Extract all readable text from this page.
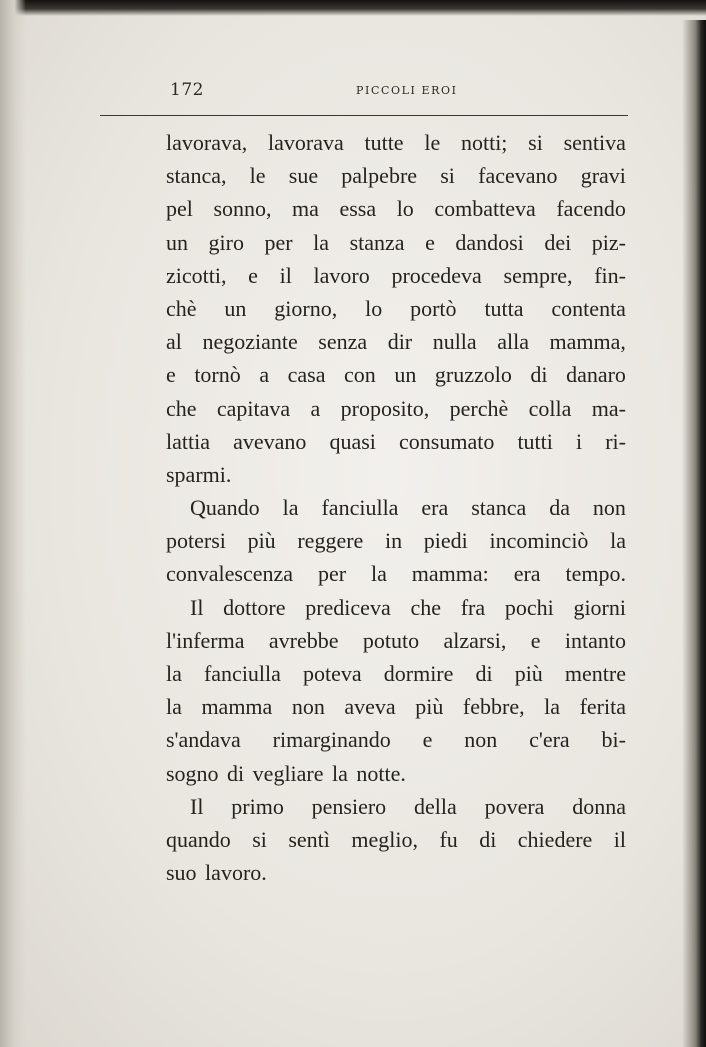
172	PICCOLI EROI
lavorava, lavorava tutte le notti; si sentiva
stanca, le sue palpebre si facevano gravi
pel sonno, ma essa lo combatteva facendo
un giro per la stanza e dandosi dei piz-
zicotti, e il lavoro procedeva sempre, fin-
chè un giorno, lo portò tutta contenta
al negoziante senza dir nulla alla mamma,
e tornò a casa con un gruzzolo di danaro
che capitava a proposito, perchè colla ma-
lattia avevano quasi consumato tutti i ri-
sparmi.
Quando la fanciulla era stanca da non
potersi più reggere in piedi incominciò la
convalescenza per la mamma: era tempo.
Il dottore prediceva che fra pochi giorni
l'inferma avrebbe potuto alzarsi, e intanto
la fanciulla poteva dormire di più mentre
la mamma non aveva più febbre, la ferita
s'andava rimarginando e non c'era bi-
sogno di vegliare la notte.
Il primo pensiero della povera donna
quando si sentì meglio, fu di chiedere il
suo lavoro.
